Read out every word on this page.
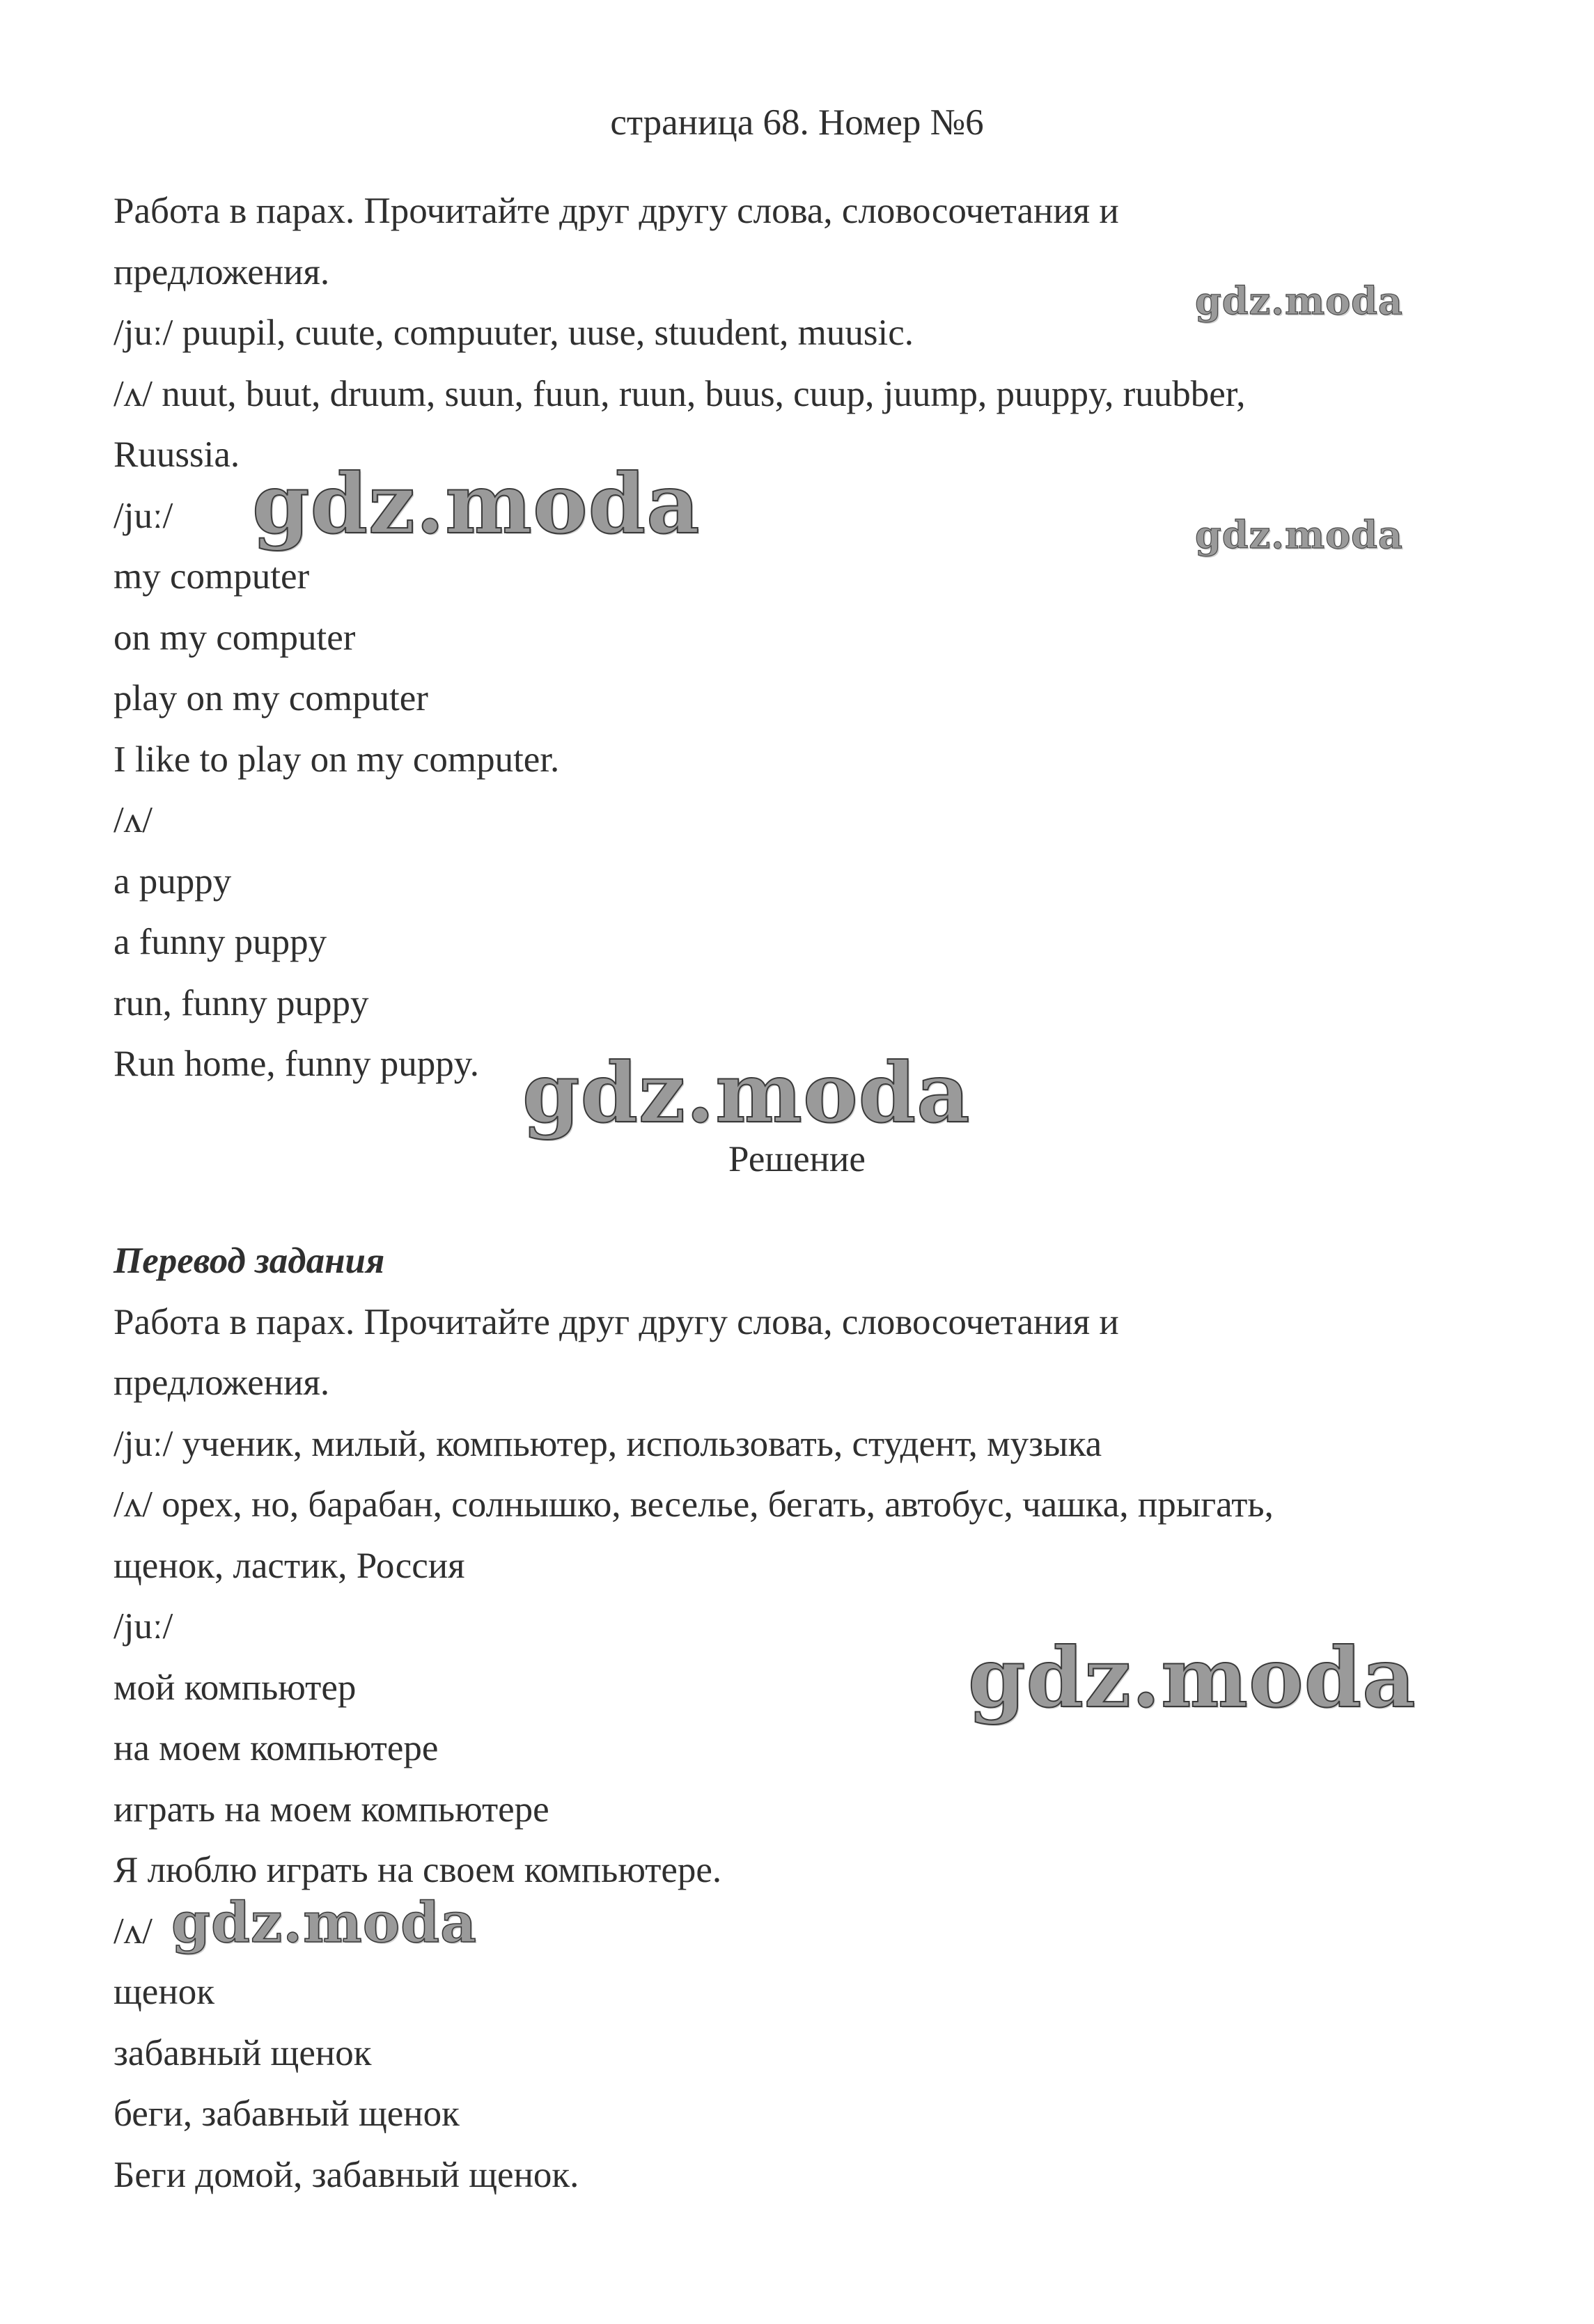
страница 68. Номер №6
Работа в парах. Прочитайте друг другу слова, словосочетания и
предложения.
/juː/ puupil, cuute, compuuter, uuse, stuudent, muusic.
/ʌ/ nuut, buut, druum, suun, fuun, ruun, buus, cuup, juump, puuppy, ruubber,
Ruussia.
/juː/
my computer
on my computer
play on my computer
I like to play on my computer.
/ʌ/
a puppy
a funny puppy
run, funny puppy
Run home, funny puppy.
Решение
Перевод задания
Работа в парах. Прочитайте друг другу слова, словосочетания и
предложения.
/juː/ ученик, милый, компьютер, использовать, студент, музыка
/ʌ/ орех, но, барабан, солнышко, веселье, бегать, автобус, чашка, прыгать,
щенок, ластик, Россия
/juː/
мой компьютер
на моем компьютере
играть на моем компьютере
Я люблю играть на своем компьютере.
/ʌ/
щенок
забавный щенок
беги, забавный щенок
Беги домой, забавный щенок.
gdz.moda
gdz.moda
gdz.moda
gdz.moda
gdz.moda
gdz.moda
